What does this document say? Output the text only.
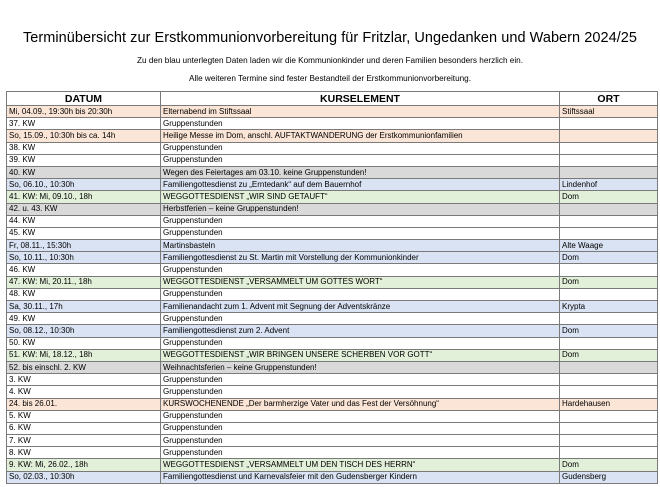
Terminübersicht zur Erstkommunionvorbereitung für Fritzlar, Ungedanken und Wabern 2024/25
Zu den blau unterlegten Daten laden wir die Kommunionkinder und deren Familien besonders herzlich ein.
Alle weiteren Termine sind fester Bestandteil der Erstkommunionvorbereitung.
DATUM	KURSELEMENT	ORT
Mi, 04.09., 19:30h bis 20:30h	Elternabend im Stiftssaal	Stiftssaal
37. KW	Gruppenstunden	
So, 15.09., 10:30h bis ca. 14h	Heilige Messe im Dom, anschl. AUFTAKTWANDERUNG der Erstkommunionfamilien	
38. KW	Gruppenstunden	
39. KW	Gruppenstunden	
40. KW	Wegen des Feiertages am 03.10. keine Gruppenstunden!	
So, 06.10., 10:30h	Familiengottesdienst zu „Erntedank“ auf dem Bauernhof	Lindenhof
41. KW: Mi, 09.10., 18h	WEGGOTTESDIENST „WIR SIND GETAUFT“	Dom
42. u. 43. KW	Herbstferien – keine Gruppenstunden!	
44. KW	Gruppenstunden	
45. KW	Gruppenstunden	
Fr, 08.11., 15:30h	Martinsbasteln	Alte Waage
So, 10.11., 10:30h	Familiengottesdienst zu St. Martin mit Vorstellung der Kommunionkinder	Dom
46. KW	Gruppenstunden	
47. KW: Mi, 20.11., 18h	WEGGOTTESDIENST „VERSAMMELT UM GOTTES WORT“	Dom
48. KW	Gruppenstunden	
Sa, 30.11., 17h	Familienandacht zum 1. Advent mit Segnung der Adventskränze	Krypta
49. KW	Gruppenstunden	
So, 08.12., 10:30h	Familiengottesdienst zum 2. Advent	Dom
50. KW	Gruppenstunden	
51. KW: Mi, 18.12., 18h	WEGGOTTESDIENST „WIR BRINGEN UNSERE SCHERBEN VOR GOTT“	Dom
52. bis einschl. 2. KW	Weihnachtsferien – keine Gruppenstunden!	
3. KW	Gruppenstunden	
4. KW	Gruppenstunden	
24. bis 26.01.	KURSWOCHENENDE „Der barmherzige Vater und das Fest der Versöhnung“	Hardehausen
5. KW	Gruppenstunden	
6. KW	Gruppenstunden	
7. KW	Gruppenstunden	
8. KW	Gruppenstunden	
9. KW: Mi, 26.02., 18h	WEGGOTTESDIENST „VERSAMMELT UM DEN TISCH DES HERRN“	Dom
So, 02.03., 10:30h	Familiengottesdienst und Karnevalsfeier mit den Gudensberger Kindern	Gudensberg
